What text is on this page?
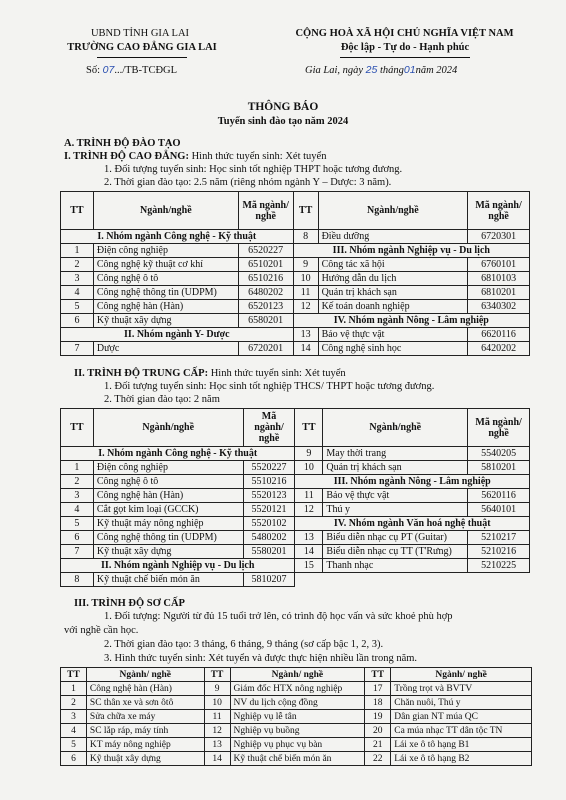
UBND TỈNH GIA LAI
TRƯỜNG CAO ĐẲNG GIA LAI
Số: 07.../TB-TCĐGL
CỘNG HOÀ XÃ HỘI CHỦ NGHĨA VIỆT NAM
Độc lập - Tự do - Hạnh phúc
Gia Lai, ngày 25 tháng01năm 2024
THÔNG BÁO
Tuyển sinh đào tạo năm 2024
A. TRÌNH ĐỘ ĐÀO TẠO
I. TRÌNH ĐỘ CAO ĐẲNG: Hình thức tuyển sinh: Xét tuyển
1. Đối tượng tuyển sinh: Học sinh tốt nghiệp THPT hoặc tương đương.
2. Thời gian đào tạo: 2.5 năm (riêng nhóm ngành Y – Dược: 3 năm).
TT	Ngành/nghề	Mã ngành/ nghề	TT	Ngành/nghề	Mã ngành/ nghề
I. Nhóm ngành Công nghệ - Kỹ thuật			8	Điều dưỡng	6720301
1	Điện công nghiệp	6520227	III. Nhóm ngành Nghiệp vụ - Du lịch		
2	Công nghệ kỹ thuật cơ khí	6510201	9	Công tác xã hội	6760101
3	Công nghệ ô tô	6510216	10	Hướng dẫn du lịch	6810103
4	Công nghệ thông tin (UDPM)	6480202	11	Quản trị khách sạn	6810201
5	Công nghệ hàn (Hàn)	6520123	12	Kế toán doanh nghiệp	6340302
6	Kỹ thuật xây dựng	6580201	IV. Nhóm ngành Nông - Lâm nghiệp		
II. Nhóm ngành Y- Dược			13	Bảo vệ thực vật	6620116
7	Dược	6720201	14	Công nghệ sinh học	6420202
II. TRÌNH ĐỘ TRUNG CẤP: Hình thức tuyển sinh: Xét tuyển
1. Đối tượng tuyển sinh: Học sinh tốt nghiệp THCS/ THPT hoặc tương đương.
2. Thời gian đào tạo: 2 năm
TT	Ngành/nghề	Mã ngành/ nghề	TT	Ngành/nghề	Mã ngành/ nghề
I. Nhóm ngành Công nghệ - Kỹ thuật			9	May thời trang	5540205
1	Điện công nghiệp	5520227	10	Quản trị khách sạn	5810201
2	Công nghệ ô tô	5510216	III. Nhóm ngành Nông - Lâm nghiệp		
3	Công nghệ hàn (Hàn)	5520123	11	Bảo vệ thực vật	5620116
4	Cắt gọt kim loại (GCCK)	5520121	12	Thú y	5640101
5	Kỹ thuật máy nông nghiệp	5520102	IV. Nhóm ngành Văn hoá nghệ thuật		
6	Công nghệ thông tin (UDPM)	5480202	13	Biểu diễn nhạc cụ PT (Guitar)	5210217
7	Kỹ thuật xây dựng	5580201	14	Biểu diễn nhạc cụ TT (T'Rưng)	5210216
II. Nhóm ngành Nghiệp vụ - Du lịch			15	Thanh nhạc	5210225
8	Kỹ thuật chế biến món ăn	5810207			
III. TRÌNH ĐỘ SƠ CẤP
1. Đối tượng: Người từ đủ 15 tuổi trở lên, có trình độ học vấn và sức khoẻ phù hợp
với nghề cần học.
2. Thời gian đào tạo: 3 tháng, 6 tháng, 9 tháng (sơ cấp bậc 1, 2, 3).
3. Hình thức tuyển sinh: Xét tuyển và được thực hiện nhiều lần trong năm.
TT	Ngành/ nghề	TT	Ngành/ nghề	TT	Ngành/ nghề
1	Công nghệ hàn (Hàn)	9	Giám đốc HTX nông nghiệp	17	Trồng trọt và BVTV
2	SC thân xe và sơn ôtô	10	NV du lịch cộng đồng	18	Chăn nuôi, Thú y
3	Sửa chữa xe máy	11	Nghiệp vụ lễ tân	19	Dân gian NT múa QC
4	SC lắp ráp, máy tính	12	Nghiệp vụ buồng	20	Ca múa nhạc TT dân tộc TN
5	KT máy nông nghiệp	13	Nghiệp vụ phục vụ bàn	21	Lái xe ô tô hạng B1
6	Kỹ thuật xây dựng	14	Kỹ thuật chế biến món ăn	22	Lái xe ô tô hạng B2
